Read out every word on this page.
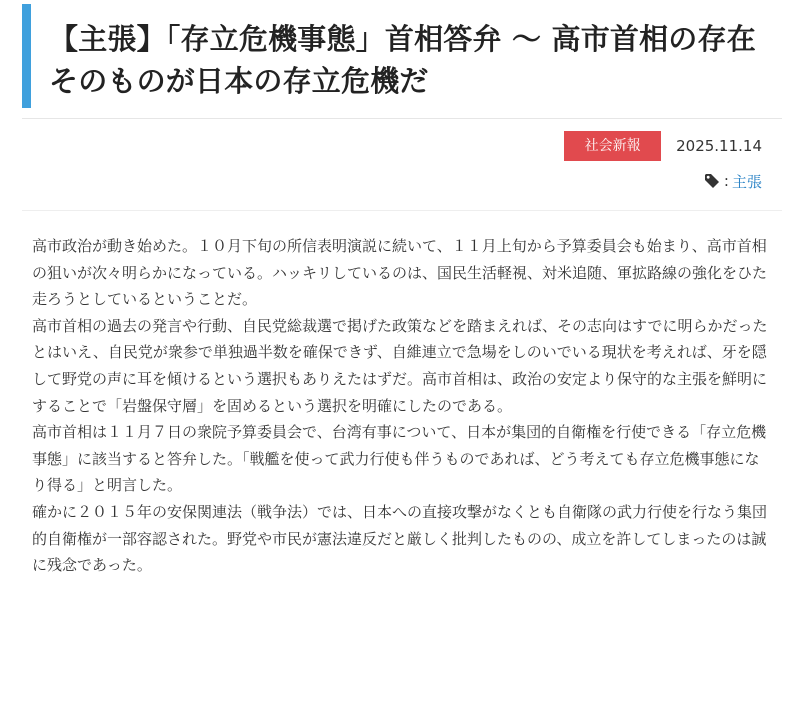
【主張】「存立危機事態」首相答弁 〜 高市首相の存在そのものが日本の存立危機だ
社会新報	2025.11.14
: 主張

高市政治が動き始めた。１０月下旬の所信表明演説に続いて、１１月上旬から予算委員会も始まり、高市首相の狙いが次々明らかになっている。ハッキリしているのは、国民生活軽視、対米追随、軍拡路線の強化をひた走ろうとしているということだ。

高市首相の過去の発言や行動、自民党総裁選で掲げた政策などを踏まえれば、その志向はすでに明らかだったとはいえ、自民党が衆参で単独過半数を確保できず、自維連立で急場をしのいでいる現状を考えれば、牙を隠して野党の声に耳を傾けるという選択もありえたはずだ。高市首相は、政治の安定より保守的な主張を鮮明にすることで「岩盤保守層」を固めるという選択を明確にしたのである。

高市首相は１１月７日の衆院予算委員会で、台湾有事について、日本が集団的自衛権を行使できる「存立危機事態」に該当すると答弁した。「戦艦を使って武力行使も伴うものであれば、どう考えても存立危機事態になり得る」と明言した。

確かに２０１５年の安保関連法（戦争法）では、日本への直接攻撃がなくとも自衛隊の武力行使を行なう集団的自衛権が一部容認された。野党や市民が憲法違反だと厳しく批判したものの、成立を許してしまったのは誠に残念であった。
